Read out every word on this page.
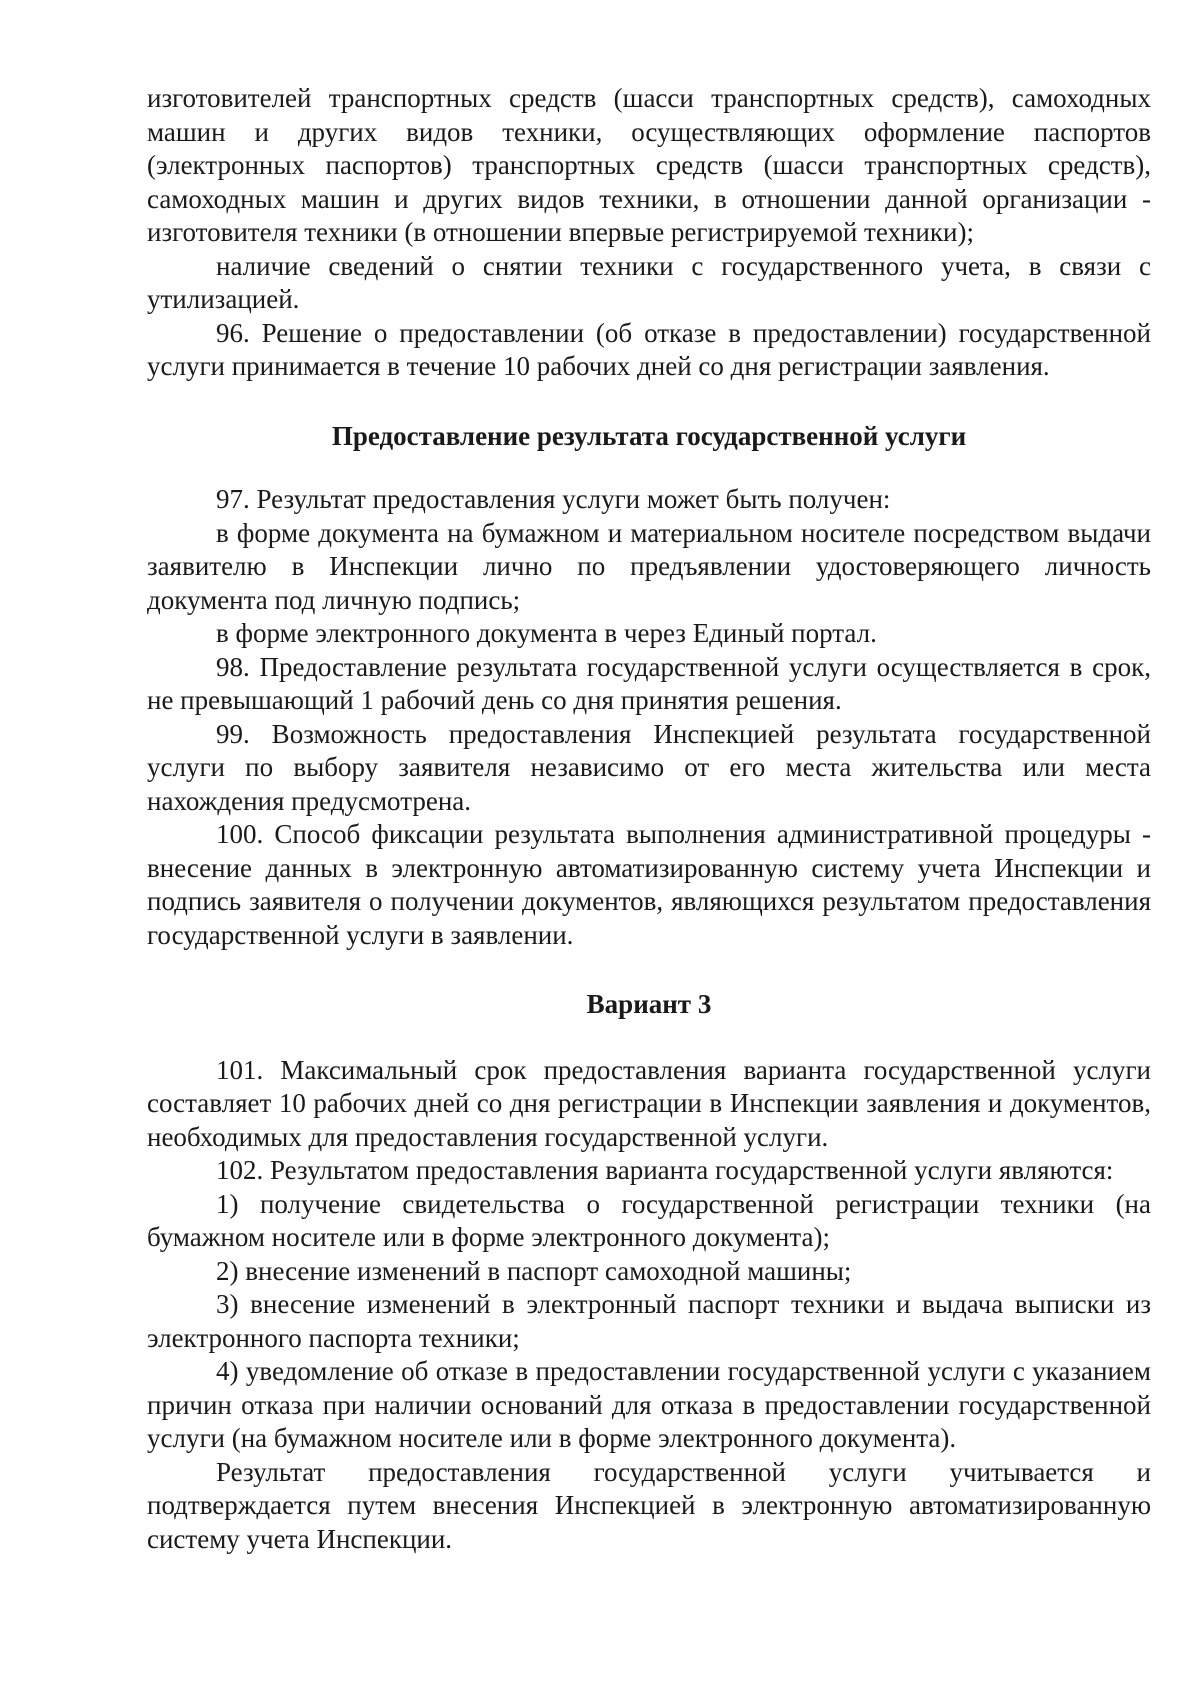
изготовителей транспортных средств (шасси транспортных средств), самоходных машин и других видов техники, осуществляющих оформление паспортов (электронных паспортов) транспортных средств (шасси транспортных средств), самоходных машин и других видов техники, в отношении данной организации - изготовителя техники (в отношении впервые регистрируемой техники);

наличие сведений о снятии техники с государственного учета, в связи с утилизацией.

96. Решение о предоставлении (об отказе в предоставлении) государственной услуги принимается в течение 10 рабочих дней со дня регистрации заявления.

Предоставление результата государственной услуги

97. Результат предоставления услуги может быть получен:

в форме документа на бумажном и материальном носителе посредством выдачи заявителю в Инспекции лично по предъявлении удостоверяющего личность документа под личную подпись;

в форме электронного документа в через Единый портал.

98. Предоставление результата государственной услуги осуществляется в срок, не превышающий 1 рабочий день со дня принятия решения.

99. Возможность предоставления Инспекцией результата государственной услуги по выбору заявителя независимо от его места жительства или места нахождения предусмотрена.

100. Способ фиксации результата выполнения административной процедуры - внесение данных в электронную автоматизированную систему учета Инспекции и подпись заявителя о получении документов, являющихся результатом предоставления государственной услуги в заявлении.

Вариант 3

101. Максимальный срок предоставления варианта государственной услуги составляет 10 рабочих дней со дня регистрации в Инспекции заявления и документов, необходимых для предоставления государственной услуги.

102. Результатом предоставления варианта государственной услуги являются:

1) получение свидетельства о государственной регистрации техники (на бумажном носителе или в форме электронного документа);

2) внесение изменений в паспорт самоходной машины;

3) внесение изменений в электронный паспорт техники и выдача выписки из электронного паспорта техники;

4) уведомление об отказе в предоставлении государственной услуги с указанием причин отказа при наличии оснований для отказа в предоставлении государственной услуги (на бумажном носителе или в форме электронного документа).

Результат предоставления государственной услуги учитывается и подтверждается путем внесения Инспекцией в электронную автоматизированную систему учета Инспекции.
